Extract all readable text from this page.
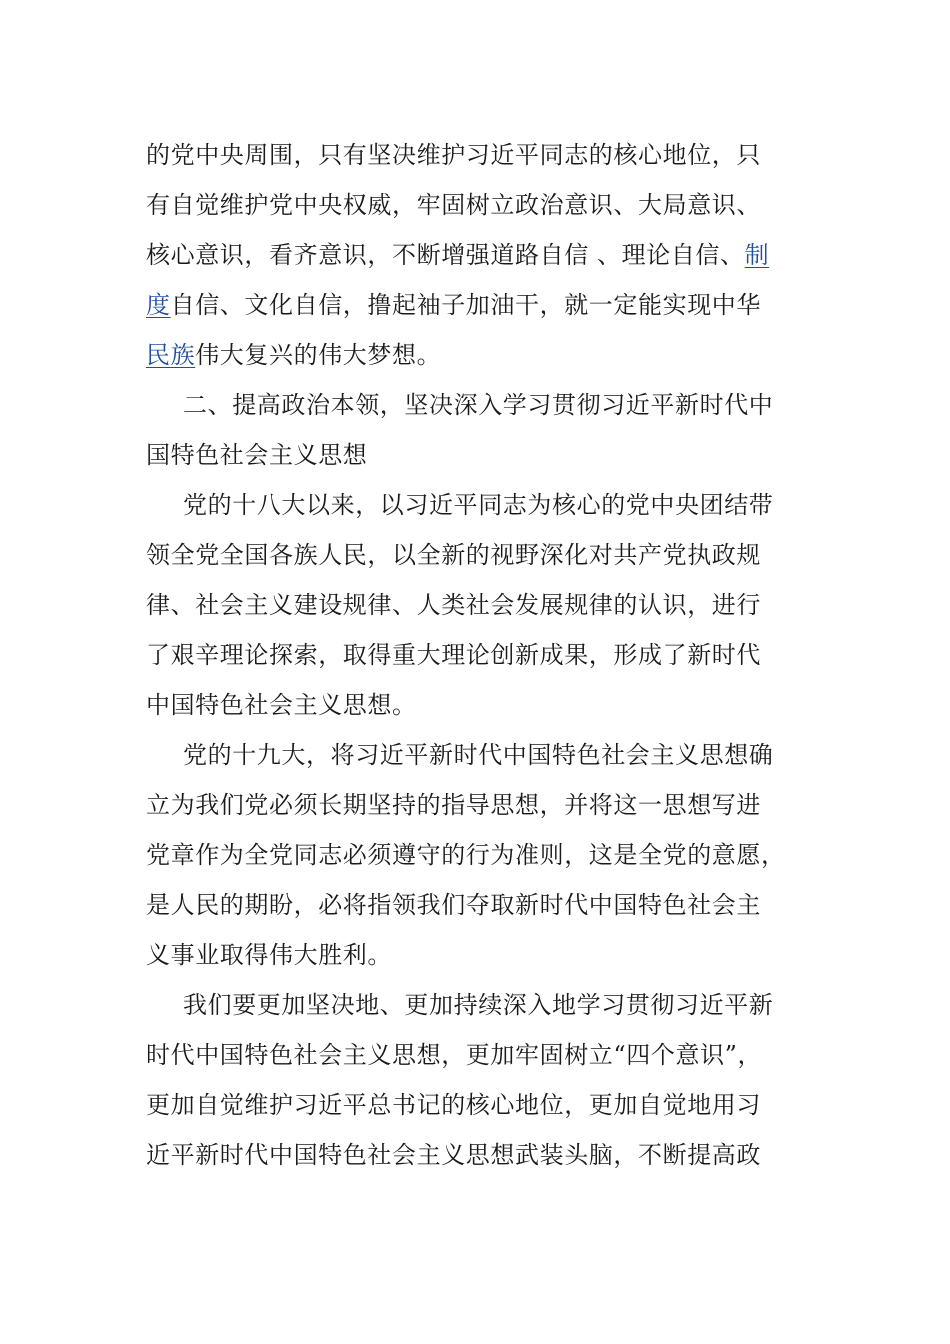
的党中央周围，只有坚决维护习近平同志的核心地位，只
有自觉维护党中央权威，牢固树立政治意识、大局意识、
核心意识，看齐意识，不断增强道路自信 、理论自信、制
度自信、文化自信，撸起袖子加油干，就一定能实现中华
民族伟大复兴的伟大梦想。
二、提高政治本领，坚决深入学习贯彻习近平新时代中
国特色社会主义思想
党的十八大以来，以习近平同志为核心的党中央团结带
领全党全国各族人民，以全新的视野深化对共产党执政规
律、社会主义建设规律、人类社会发展规律的认识，进行
了艰辛理论探索，取得重大理论创新成果，形成了新时代
中国特色社会主义思想。
党的十九大，将习近平新时代中国特色社会主义思想确
立为我们党必须长期坚持的指导思想，并将这一思想写进
党章作为全党同志必须遵守的行为准则，这是全党的意愿，
是人民的期盼，必将指领我们夺取新时代中国特色社会主
义事业取得伟大胜利。
我们要更加坚决地、更加持续深入地学习贯彻习近平新
时代中国特色社会主义思想，更加牢固树立“四个意识”，
更加自觉维护习近平总书记的核心地位，更加自觉地用习
近平新时代中国特色社会主义思想武装头脑，不断提高政
